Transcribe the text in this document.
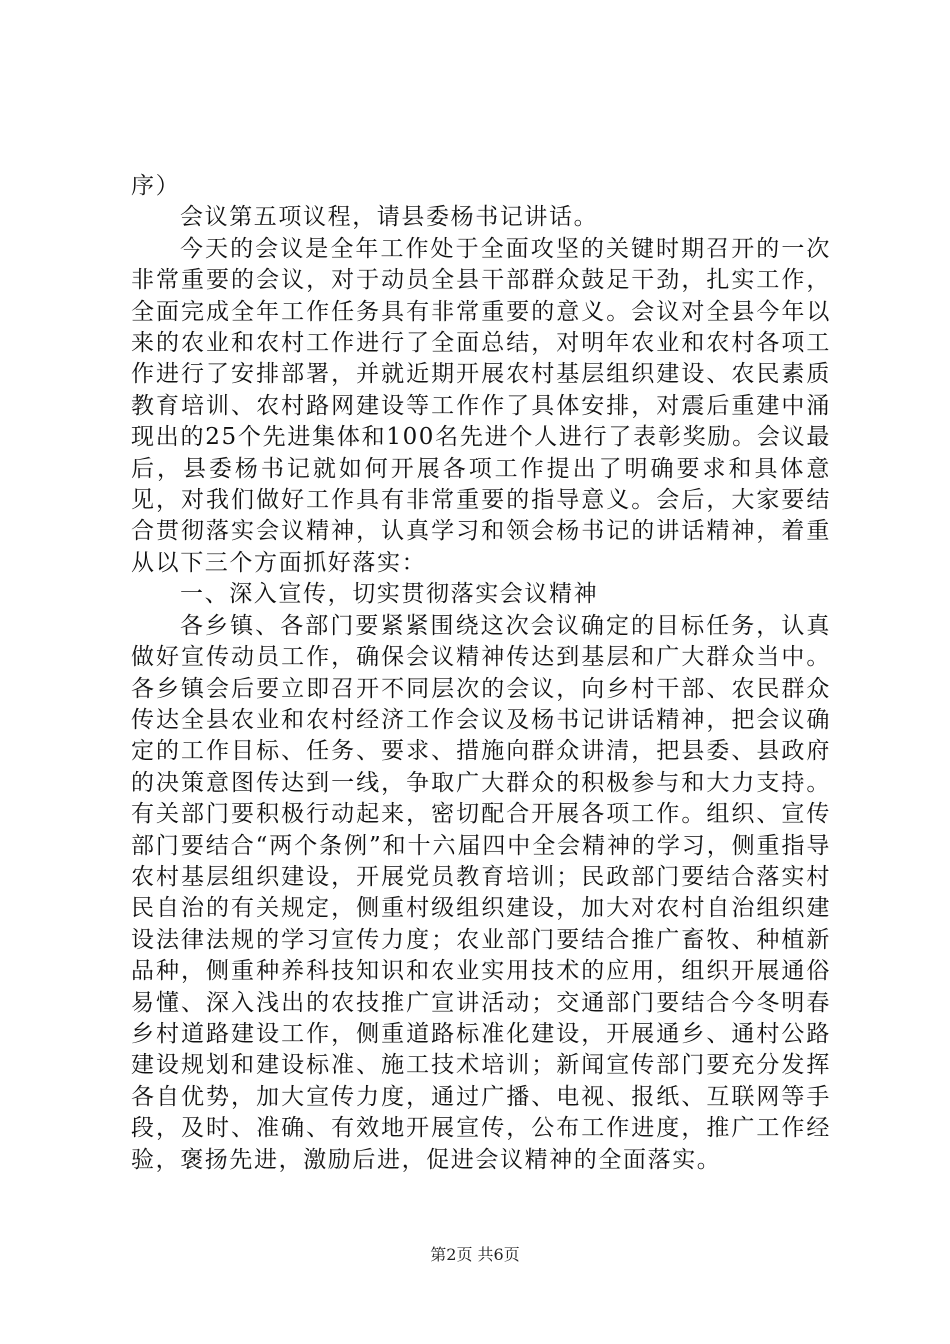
序）

会议第五项议程，请县委杨书记讲话。

今天的会议是全年工作处于全面攻坚的关键时期召开的一次非常重要的会议，对于动员全县干部群众鼓足干劲，扎实工作，全面完成全年工作任务具有非常重要的意义。会议对全县今年以来的农业和农村工作进行了全面总结，对明年农业和农村各项工作进行了安排部署，并就近期开展农村基层组织建设、农民素质教育培训、农村路网建设等工作作了具体安排，对震后重建中涌现出的25个先进集体和100名先进个人进行了表彰奖励。会议最后，县委杨书记就如何开展各项工作提出了明确要求和具体意见，对我们做好工作具有非常重要的指导意义。会后，大家要结合贯彻落实会议精神，认真学习和领会杨书记的讲话精神，着重从以下三个方面抓好落实：

一、深入宣传，切实贯彻落实会议精神

各乡镇、各部门要紧紧围绕这次会议确定的目标任务，认真做好宣传动员工作，确保会议精神传达到基层和广大群众当中。各乡镇会后要立即召开不同层次的会议，向乡村干部、农民群众传达全县农业和农村经济工作会议及杨书记讲话精神，把会议确定的工作目标、任务、要求、措施向群众讲清，把县委、县政府的决策意图传达到一线，争取广大群众的积极参与和大力支持。有关部门要积极行动起来，密切配合开展各项工作。组织、宣传部门要结合“两个条例”和十六届四中全会精神的学习，侧重指导农村基层组织建设，开展党员教育培训；民政部门要结合落实村民自治的有关规定，侧重村级组织建设，加大对农村自治组织建设法律法规的学习宣传力度；农业部门要结合推广畜牧、种植新品种，侧重种养科技知识和农业实用技术的应用，组织开展通俗易懂、深入浅出的农技推广宣讲活动；交通部门要结合今冬明春乡村道路建设工作，侧重道路标准化建设，开展通乡、通村公路建设规划和建设标准、施工技术培训；新闻宣传部门要充分发挥各自优势，加大宣传力度，通过广播、电视、报纸、互联网等手段，及时、准确、有效地开展宣传，公布工作进度，推广工作经验，褒扬先进，激励后进，促进会议精神的全面落实。

第2页 共6页
